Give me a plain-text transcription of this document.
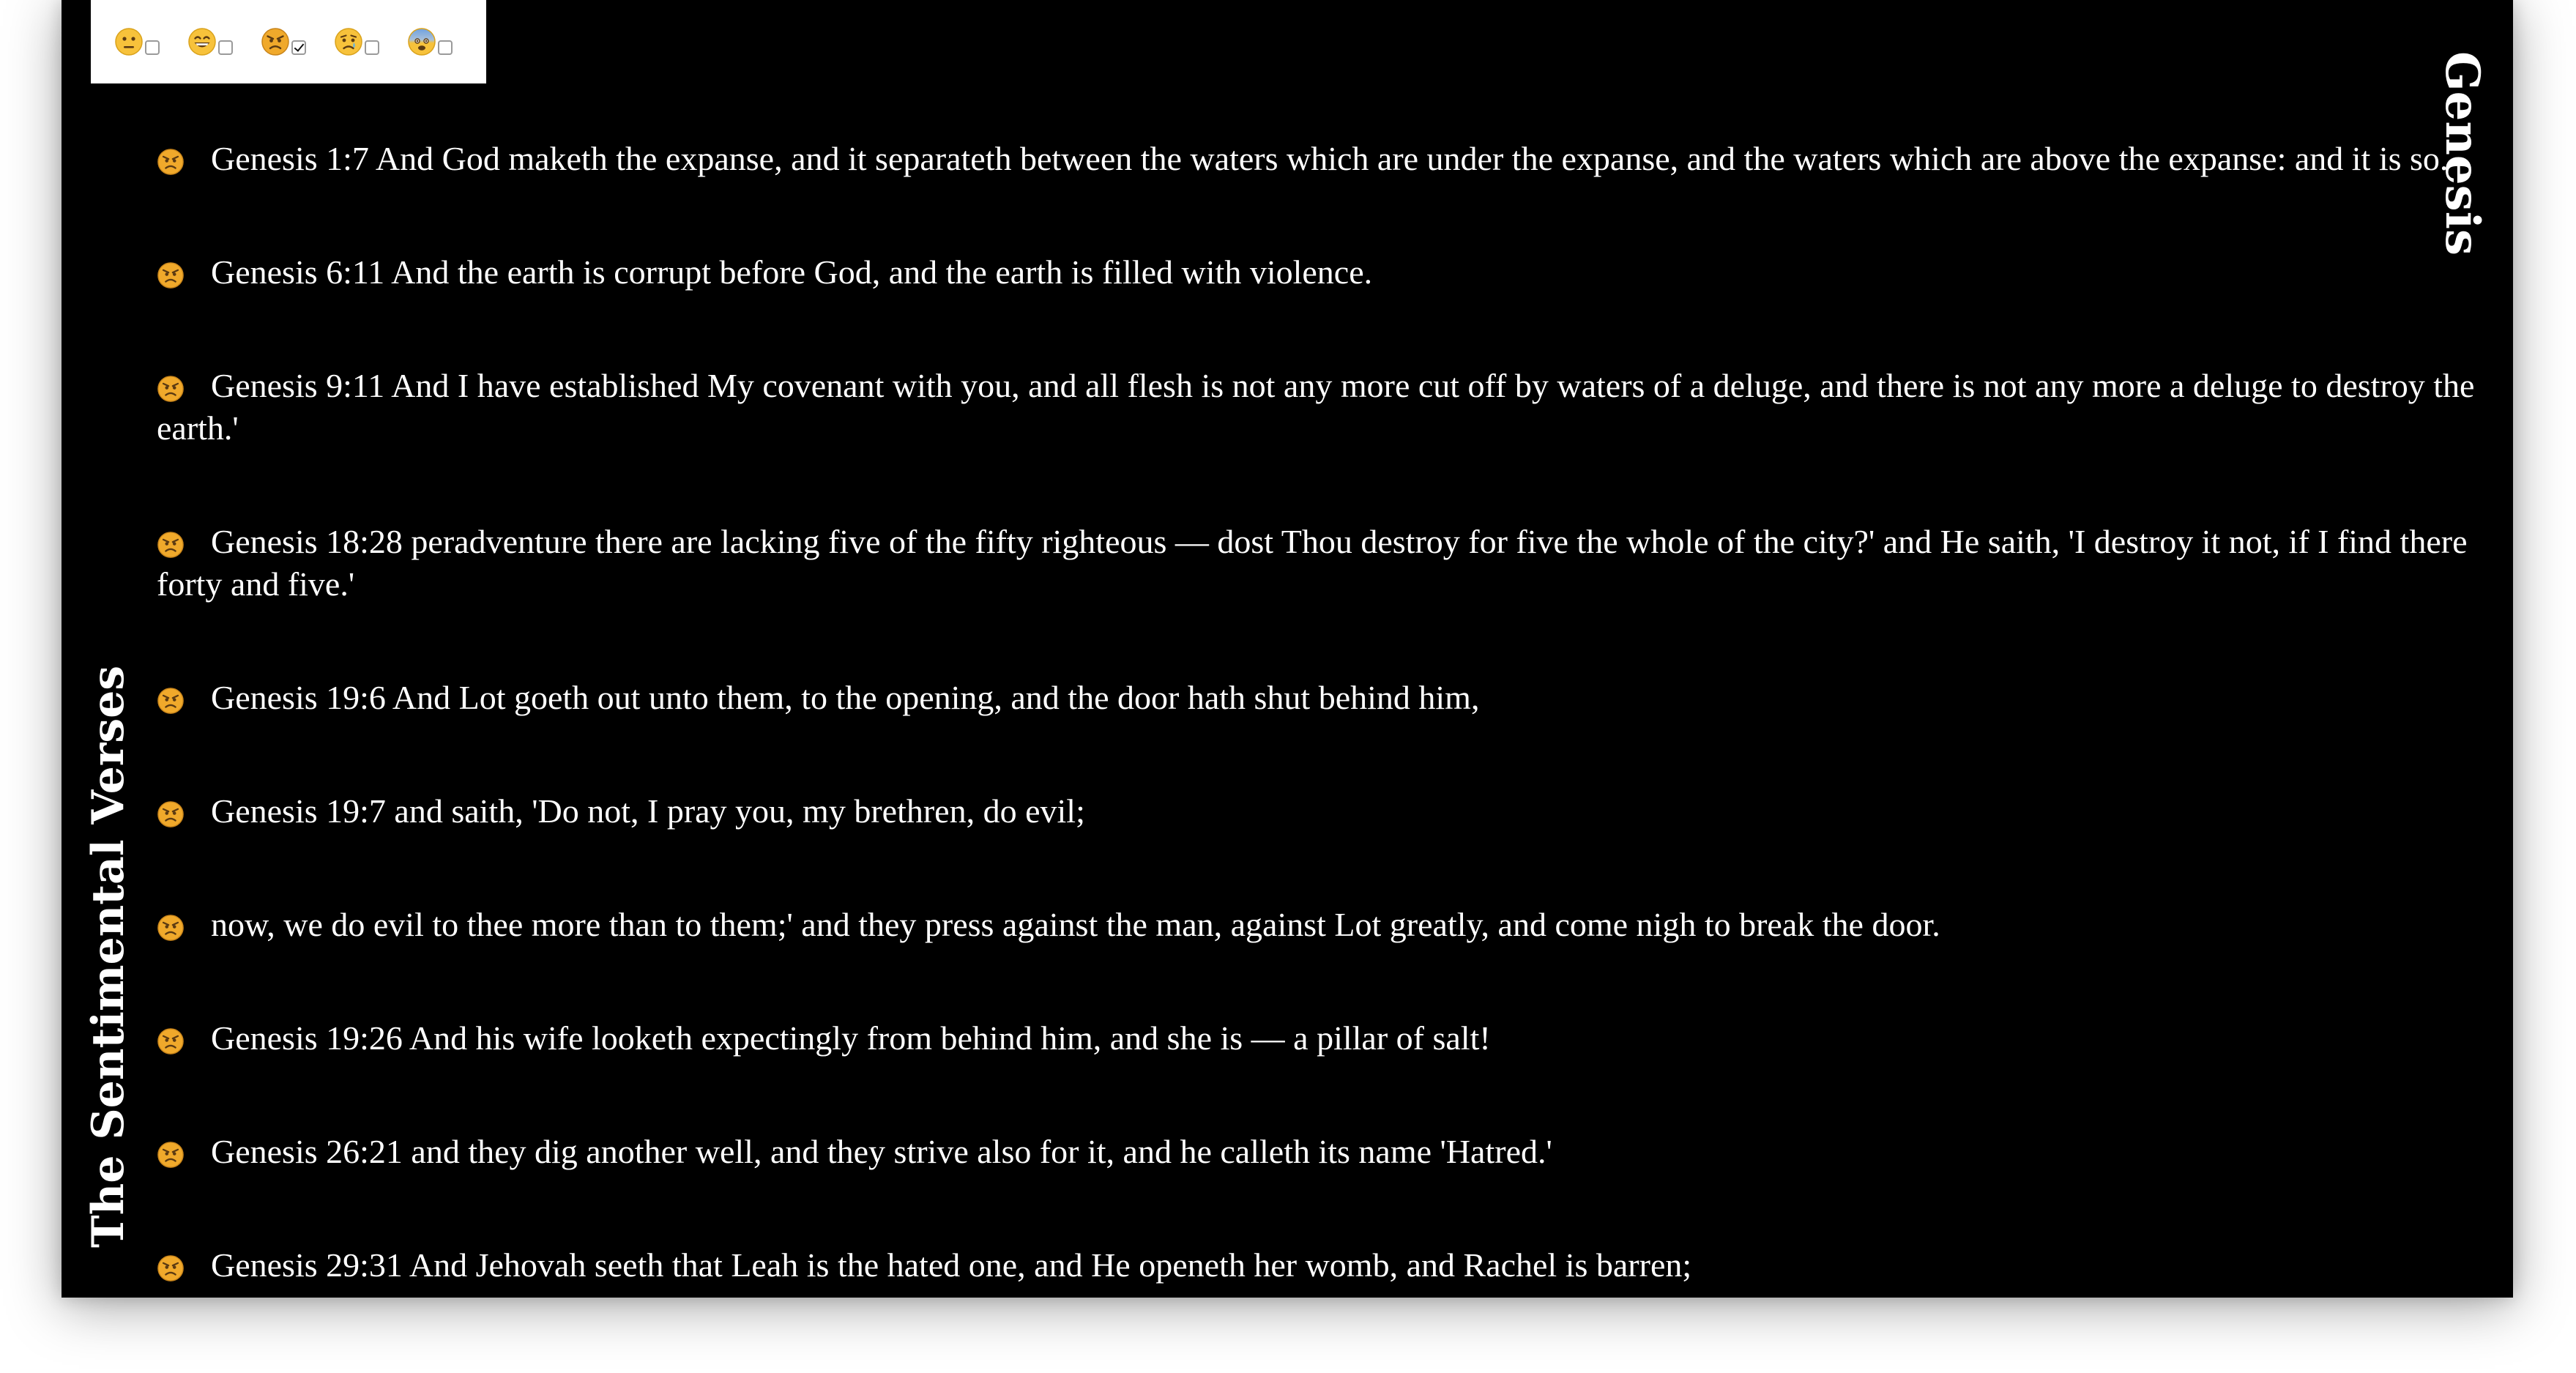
The Sentimental Verses
Genesis
Genesis 1:7 And God maketh the expanse, and it separateth between the waters which are under the expanse, and the waters which are above the expanse: and it is so.
Genesis 6:11 And the earth is corrupt before God, and the earth is filled with violence.
Genesis 9:11 And I have established My covenant with you, and all flesh is not any more cut off by waters of a deluge, and there is not any more a deluge to destroy the earth.'
Genesis 18:28 peradventure there are lacking five of the fifty righteous — dost Thou destroy for five the whole of the city?' and He saith, 'I destroy it not, if I find there forty and five.'
Genesis 19:6 And Lot goeth out unto them, to the opening, and the door hath shut behind him,
Genesis 19:7 and saith, 'Do not, I pray you, my brethren, do evil;
now, we do evil to thee more than to them;' and they press against the man, against Lot greatly, and come nigh to break the door.
Genesis 19:26 And his wife looketh expectingly from behind him, and she is — a pillar of salt!
Genesis 26:21 and they dig another well, and they strive also for it, and he calleth its name 'Hatred.'
Genesis 29:31 And Jehovah seeth that Leah is the hated one, and He openeth her womb, and Rachel is barren;
